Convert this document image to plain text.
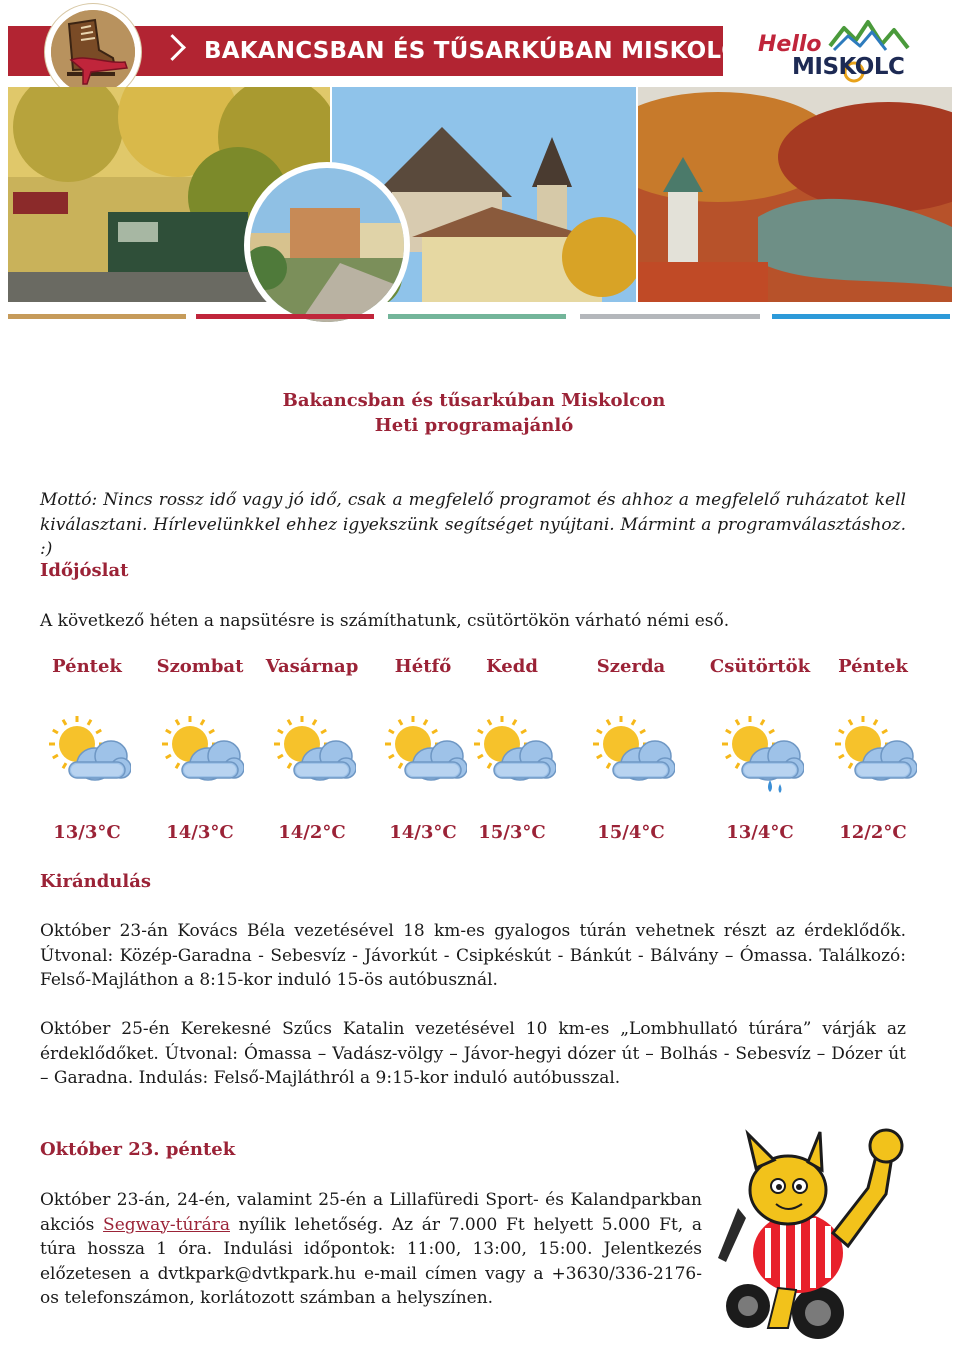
BAKANCSBAN ÉS TŰSARKÚBAN MISKOLCON
Hello
MISKOLC
Bakancsban és tűsarkúban Miskolcon
Heti programajánló
Mottó: Nincs rossz idő vagy jó idő, csak a megfelelő programot és ahhoz a megfelelő ruházatot kell kiválasztani. Hírlevelünkkel ehhez igyekszünk segítséget nyújtani. Mármint a programválasztáshoz. :)
Időjóslat
A következő héten a napsütésre is számíthatunk, csütörtökön várható némi eső.
Péntek
13/3°C
Szombat
14/3°C
Vasárnap
14/2°C
Hétfő
14/3°C
Kedd
15/3°C
Szerda
15/4°C
Csütörtök
13/4°C
Péntek
12/2°C
Kirándulás
Október 23-án Kovács Béla vezetésével 18 km-es gyalogos túrán vehetnek részt az érdeklődők. Útvonal: Közép-Garadna - Sebesvíz - Jávorkút - Csipkéskút - Bánkút - Bálvány – Ómassa. Találkozó: Felső-Majláthon a 8:15-kor induló 15-ös autóbusznál.
Október 25-én Kerekesné Szűcs Katalin vezetésével 10 km-es „Lombhullató túrára” várják az érdeklődőket. Útvonal: Ómassa – Vadász-völgy – Jávor-hegyi dózer út – Bolhás - Sebesvíz – Dózer út – Garadna. Indulás: Felső-Majláthról a 9:15-kor induló autóbusszal.
Október 23. péntek
Október 23-án, 24-én, valamint 25-én a Lillafüredi Sport- és Kalandparkban akciós Segway-túrára nyílik lehetőség. Az ár 7.000 Ft helyett 5.000 Ft, a túra hossza 1 óra. Indulási időpontok: 11:00, 13:00, 15:00. Jelentkezés előzetesen a dvtkpark@dvtkpark.hu e-mail címen vagy a +3630/336-2176-os telefonszámon, korlátozott számban a helyszínen.
